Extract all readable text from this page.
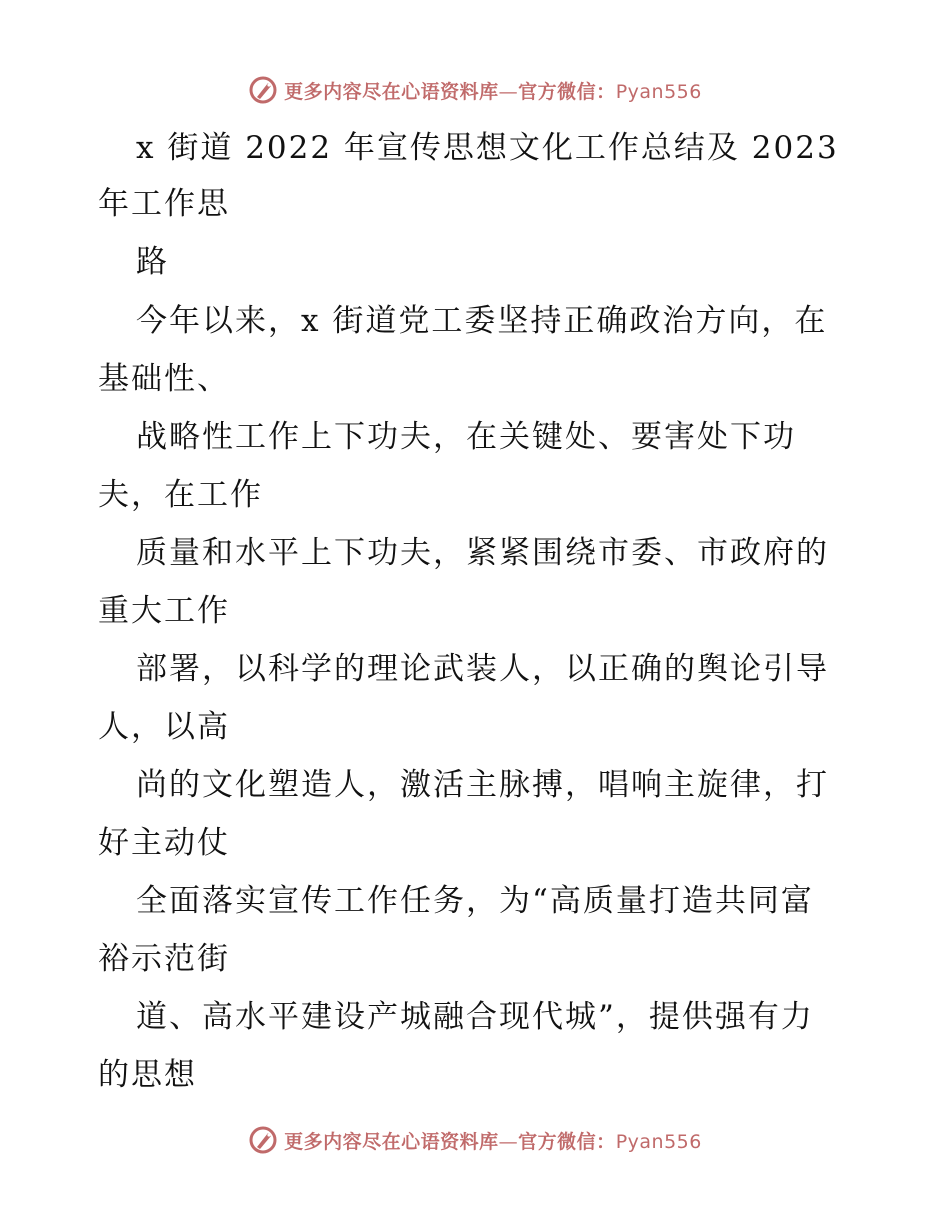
更多内容尽在心语资料库—官方微信：Pyan556
x 街道 2022 年宣传思想文化工作总结及 2023
年工作思
路
今年以来，x 街道党工委坚持正确政治方向，在
基础性、
战略性工作上下功夫，在关键处、要害处下功
夫，在工作
质量和水平上下功夫，紧紧围绕市委、市政府的
重大工作
部署，以科学的理论武装人，以正确的舆论引导
人，以高
尚的文化塑造人，激活主脉搏，唱响主旋律，打
好主动仗
全面落实宣传工作任务，为“高质量打造共同富
裕示范街
道、高水平建设产城融合现代城”，提供强有力
的思想
更多内容尽在心语资料库—官方微信：Pyan556
